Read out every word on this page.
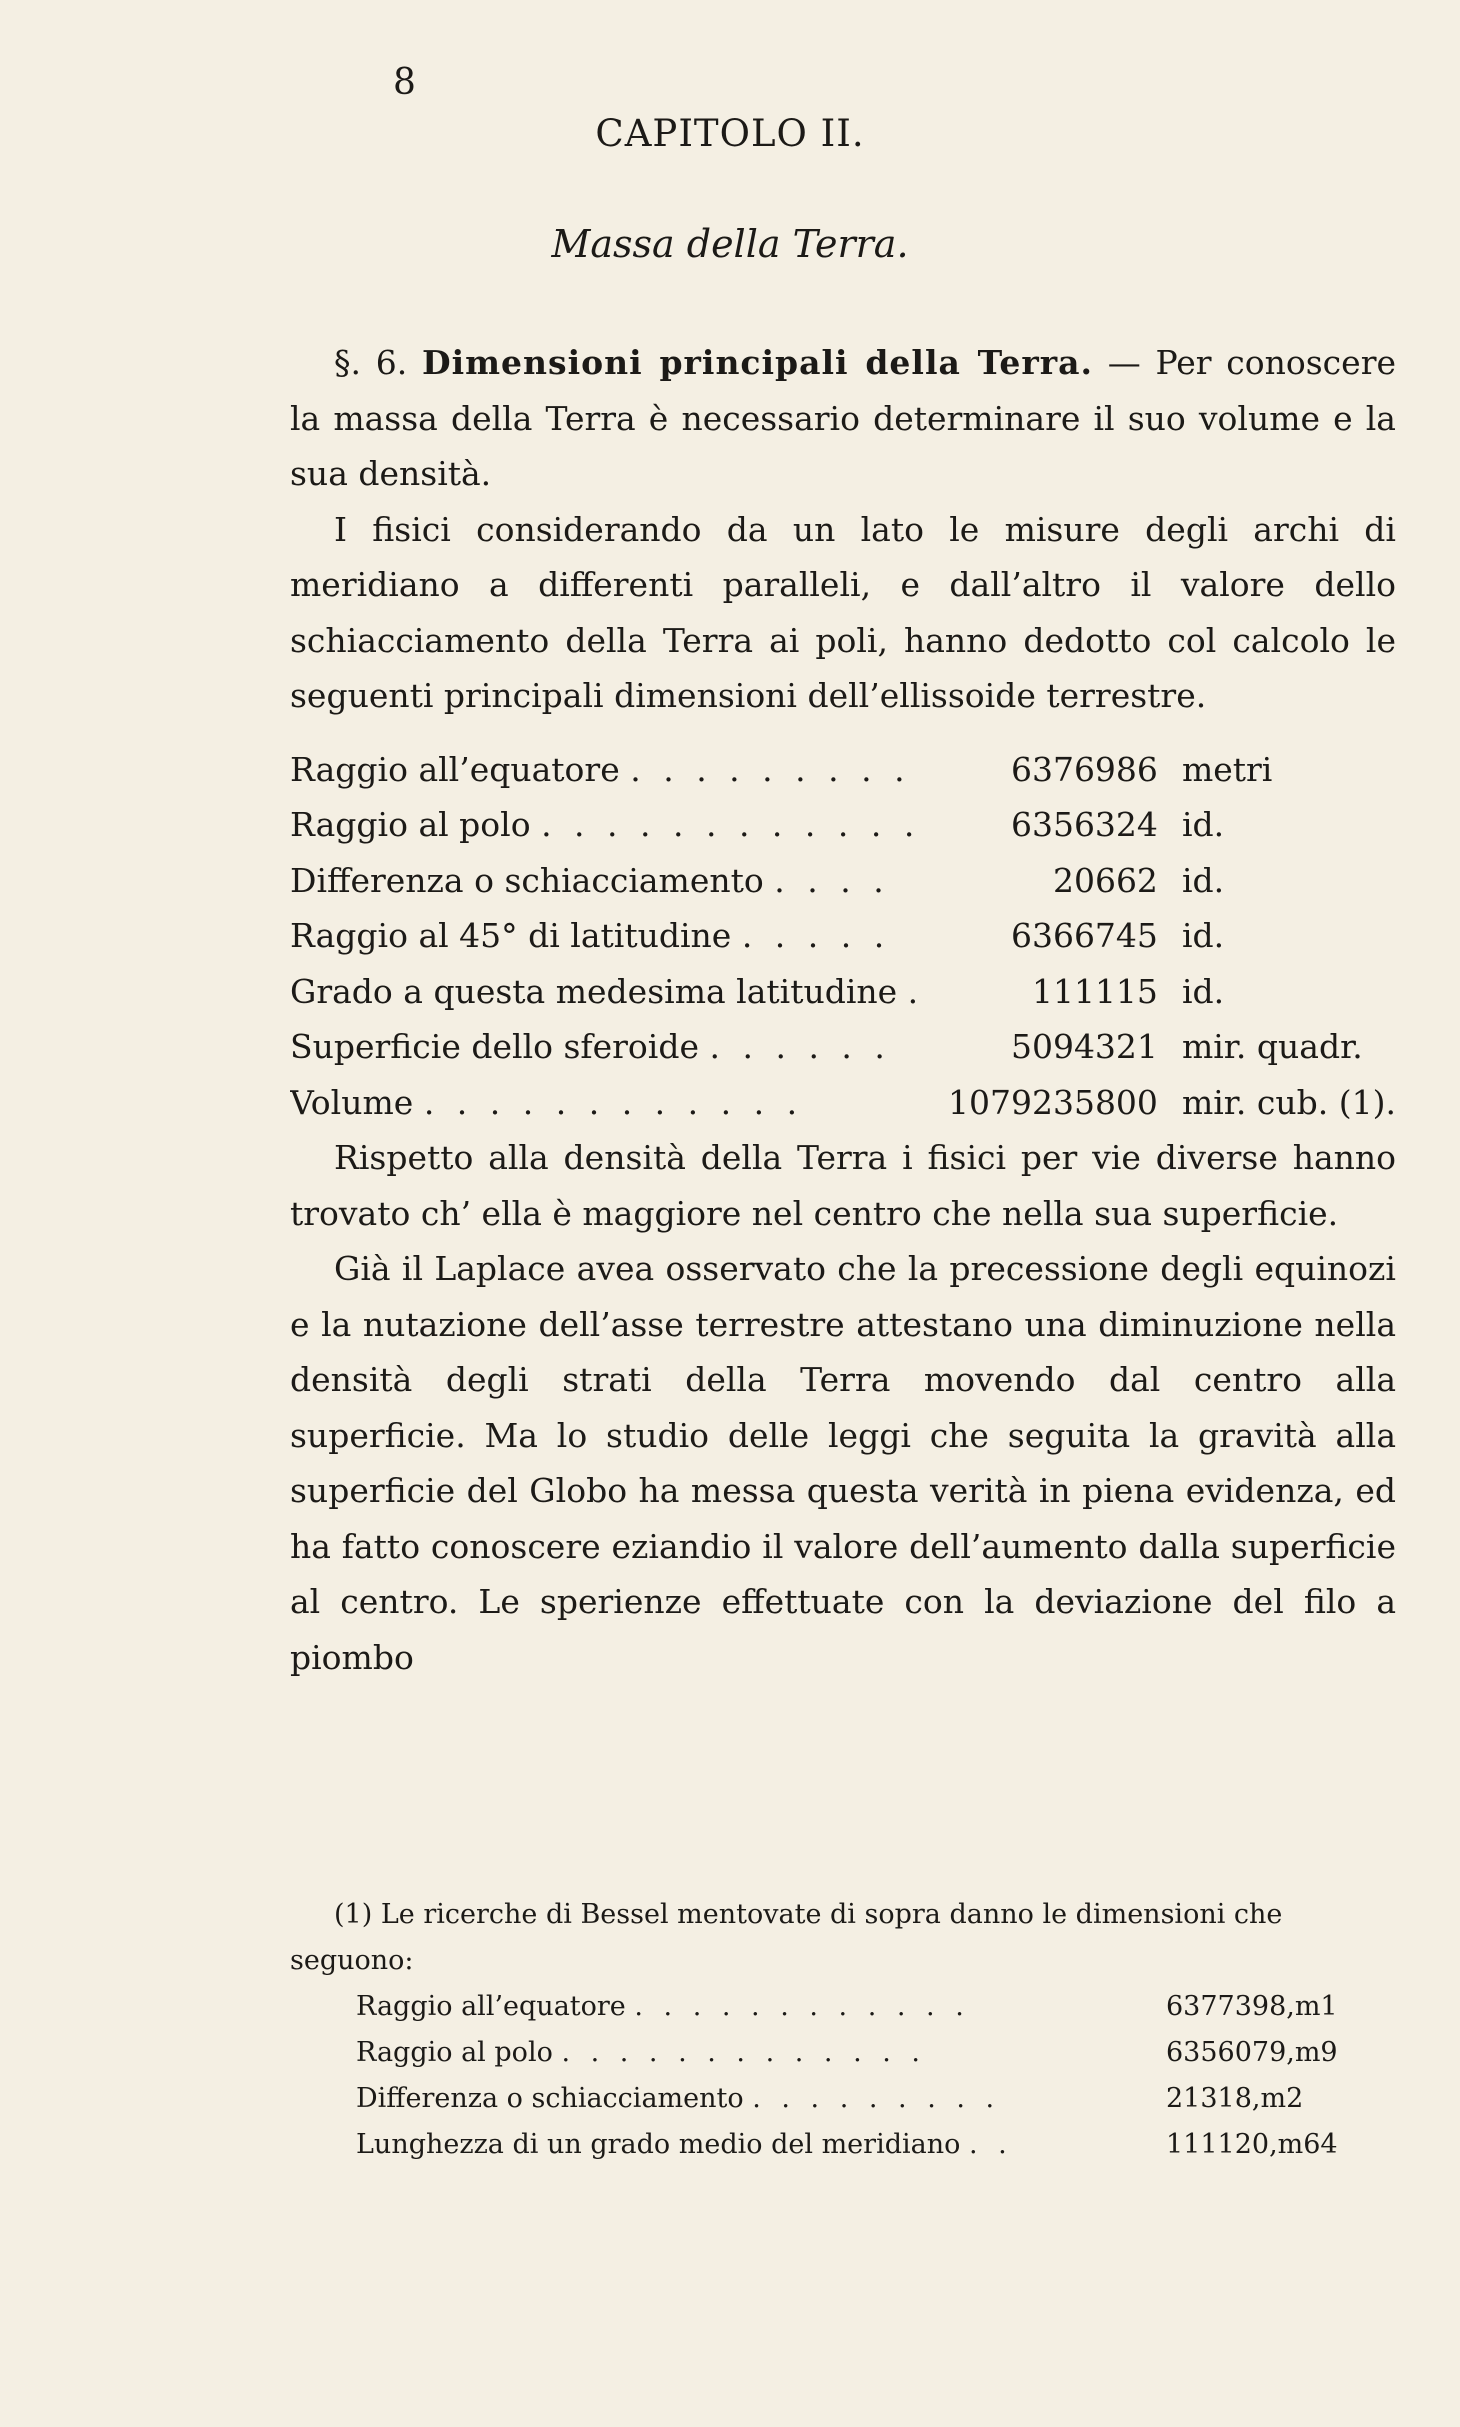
8
CAPITOLO II.
Massa della Terra.

§. 6. Dimensioni principali della Terra. — Per conoscere la massa della Terra è necessario determinare il suo volume e la sua densità.

I fisici considerando da un lato le misure degli archi di meridiano a differenti paralleli, e dall’altro il valore dello schiacciamento della Terra ai poli, hanno dedotto col calcolo le seguenti principali dimensioni dell’ellissoide terrestre.

Raggio all’equatore . . . . . . . . .	6376986	metri
Raggio al polo . . . . . . . . . . . .	6356324	id.
Differenza o schiacciamento . . . .	20662	id.
Raggio al 45° di latitudine . . . . .	6366745	id.
Grado a questa medesima latitudine .	111115	id.
Superficie dello sferoide . . . . . .	5094321	mir. quadr.
Volume . . . . . . . . . . . .	1079235800	mir. cub. (1).

Rispetto alla densità della Terra i fisici per vie diverse hanno trovato ch’ ella è maggiore nel centro che nella sua superficie.

Già il Laplace avea osservato che la precessione degli equinozi e la nutazione dell’asse terrestre attestano una diminuzione nella densità degli strati della Terra movendo dal centro alla superficie. Ma lo studio delle leggi che seguita la gravità alla superficie del Globo ha messa questa verità in piena evidenza, ed ha fatto conoscere eziandio il valore dell’aumento dalla superficie al centro. Le sperienze effettuate con la deviazione del filo a piombo

(1) Le ricerche di Bessel mentovate di sopra danno le dimensioni che seguono:

Raggio all’equatore . . . . . . . . . . . .	6377398,m1
Raggio al polo . . . . . . . . . . . . .	6356079,m9
Differenza o schiacciamento . . . . . . . . .	21318,m2
Lunghezza di un grado medio del meridiano . .	111120,m64
